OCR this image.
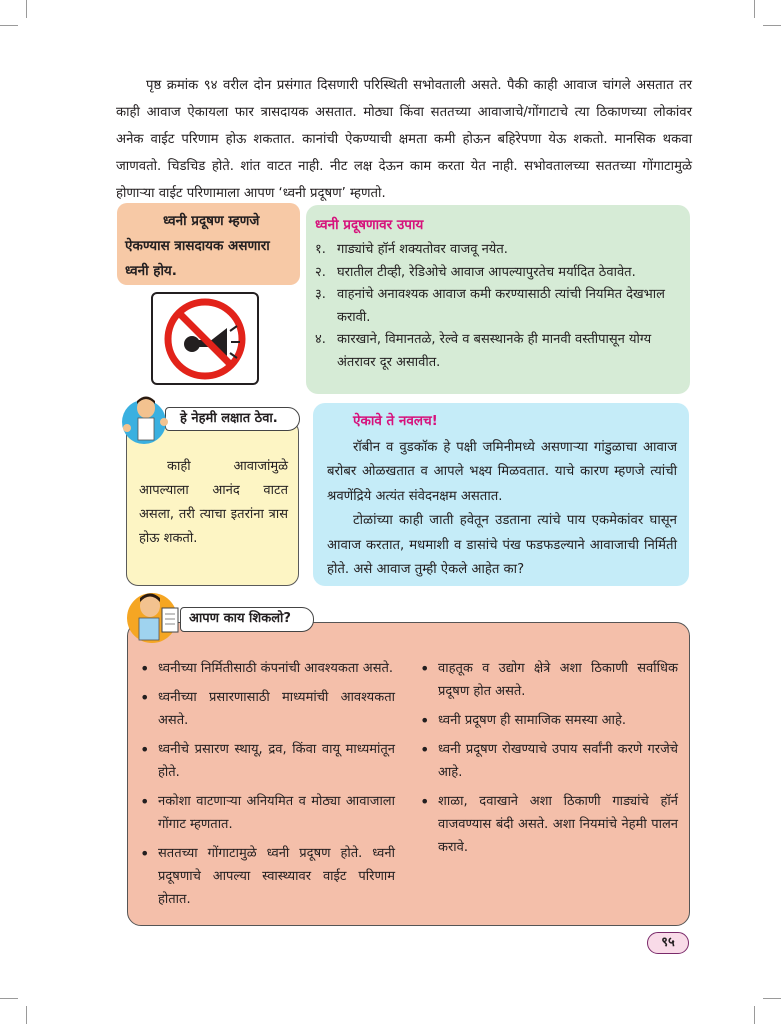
पृष्ठ क्रमांक ९४ वरील दोन प्रसंगात दिसणारी परिस्थिती सभोवताली असते. पैकी काही आवाज चांगले असतात तर काही आवाज ऐकायला फार त्रासदायक असतात. मोठ्या किंवा सततच्या आवाजाचे/गोंगाटाचे त्या ठिकाणच्या लोकांवर अनेक वाईट परिणाम होऊ शकतात. कानांची ऐकण्याची क्षमता कमी होऊन बहिरेपणा येऊ शकतो. मानसिक थकवा जाणवतो. चिडचिड होते. शांत वाटत नाही. नीट लक्ष देऊन काम करता येत नाही. सभोवतालच्या सततच्या गोंगाटामुळे होणाऱ्या वाईट परिणामाला आपण ‘ध्वनी प्रदूषण’ म्हणतो.
ध्वनी प्रदूषण म्हणजे ऐकण्यास त्रासदायक असणारा ध्वनी होय.
ध्वनी प्रदूषणावर उपाय
१. गाड्यांचे हॉर्न शक्यतोवर वाजवू नयेत.
२. घरातील टीव्ही, रेडिओचे आवाज आपल्यापुरतेच मर्यादित ठेवावेत.
३. वाहनांचे अनावश्यक आवाज कमी करण्यासाठी त्यांची नियमित देखभाल करावी.
४. कारखाने, विमानतळे, रेल्वे व बसस्थानके ही मानवी वस्तीपासून योग्य अंतरावर दूर असावीत.
काही आवाजांमुळे आपल्याला आनंद वाटत असला, तरी त्याचा इतरांना त्रास होऊ शकतो.
हे नेहमी लक्षात ठेवा.	ऐकावे ते नवलच!
रॉबीन व वुडकॉक हे पक्षी जमिनीमध्ये असणाऱ्या गांडुळाचा आवाज बरोबर ओळखतात व आपले भक्ष्य मिळवतात. याचे कारण म्हणजे त्यांची श्रवणेंद्रिये अत्यंत संवेदनक्षम असतात.
टोळांच्या काही जाती हवेतून उडताना त्यांचे पाय एकमेकांवर घासून आवाज करतात, मधमाशी व डासांचे पंख फडफडल्याने आवाजाची निर्मिती होते. असे आवाज तुम्ही ऐकले आहेत का?
• ध्वनीच्या निर्मितीसाठी कंपनांची आवश्यकता असते.
• ध्वनीच्या प्रसारणासाठी माध्यमांची आवश्यकता असते.
• ध्वनीचे प्रसारण स्थायू, द्रव, किंवा वायू माध्यमांतून होते.
• नकोशा वाटणाऱ्या अनियमित व मोठ्या आवाजाला गोंगाट म्हणतात.
• सततच्या गोंगाटामुळे ध्वनी प्रदूषण होते. ध्वनी प्रदूषणाचे आपल्या स्वास्थ्यावर वाईट परिणाम होतात.
• वाहतूक व उद्योग क्षेत्रे अशा ठिकाणी सर्वाधिक प्रदूषण होत असते.
• ध्वनी प्रदूषण ही सामाजिक समस्या आहे.
• ध्वनी प्रदूषण रोखण्याचे उपाय सर्वांनी करणे गरजेचे आहे.
• शाळा, दवाखाने अशा ठिकाणी गाड्यांचे हॉर्न वाजवण्यास बंदी असते. अशा नियमांचे नेहमी पालन करावे.
आपण काय शिकलो?
९५
